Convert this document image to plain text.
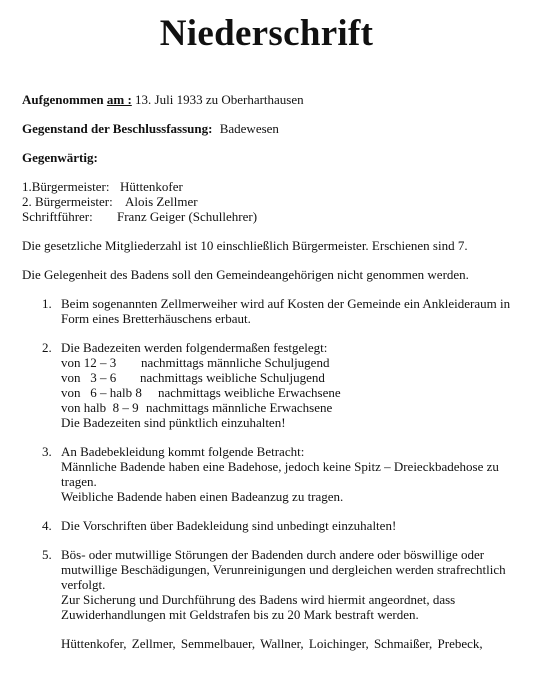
Niederschrift
Aufgenommen am : 13. Juli 1933 zu Oberharthausen
Gegenstand der Beschlussfassung: Badewesen
Gegenwärtig:
1.Bürgermeister: Hüttenkofer
2. Bürgermeister: Alois Zellmer
Schriftführer: Franz Geiger (Schullehrer)
Die gesetzliche Mitgliederzahl ist 10 einschließlich Bürgermeister. Erschienen sind 7.
Die Gelegenheit des Badens soll den Gemeindeangehörigen nicht genommen werden.
1. Beim sogenannten Zellmerweiher wird auf Kosten der Gemeinde ein Ankleideraum in
Form eines Bretterhäuschens erbaut.
2. Die Badezeiten werden folgendermaßen festgelegt:
von 12 – 3 nachmittags männliche Schuljugend
von   3 – 6 nachmittags weibliche Schuljugend
von   6 – halb 8 nachmittags weibliche Erwachsene
von halb  8 – 9 nachmittags männliche Erwachsene
Die Badezeiten sind pünktlich einzuhalten!
3. An Badebekleidung kommt folgende Betracht:
Männliche Badende haben eine Badehose, jedoch keine Spitz – Dreieckbadehose zu
tragen.
Weibliche Badende haben einen Badeanzug zu tragen.
4. Die Vorschriften über Badekleidung sind unbedingt einzuhalten!
5. Bös- oder mutwillige Störungen der Badenden durch andere oder böswillige oder
mutwillige Beschädigungen, Verunreinigungen und dergleichen werden strafrechtlich
verfolgt.
Zur Sicherung und Durchführung des Badens wird hiermit angeordnet, dass
Zuwiderhandlungen mit Geldstrafen bis zu 20 Mark bestraft werden.
Hüttenkofer, Zellmer, Semmelbauer, Wallner, Loichinger, Schmaißer, Prebeck,
